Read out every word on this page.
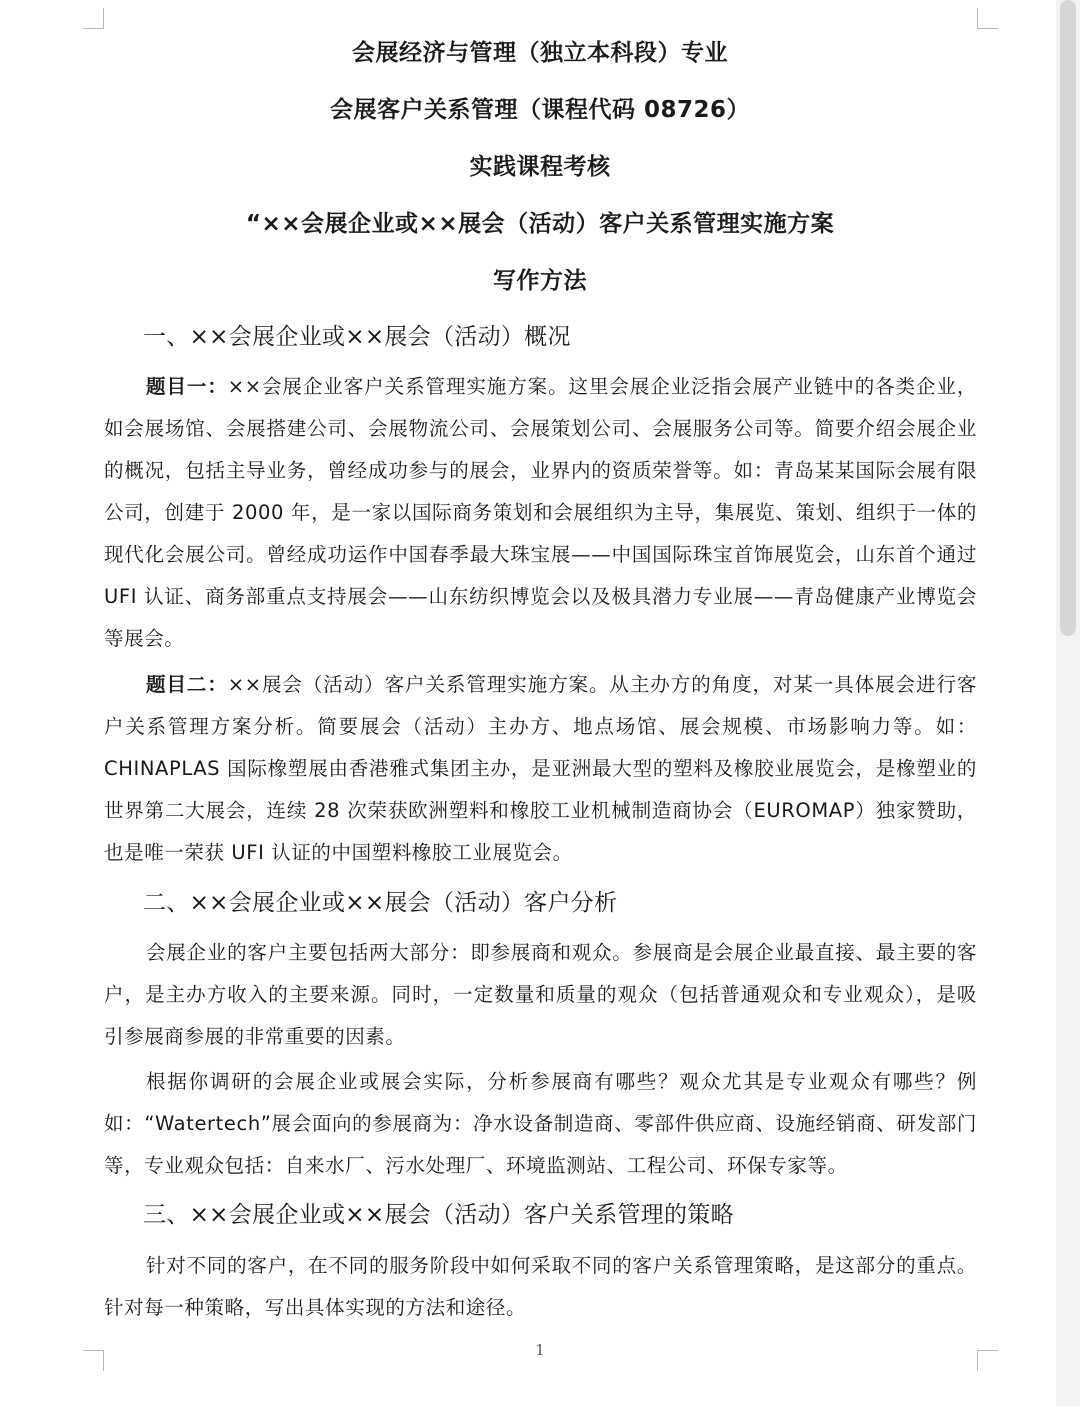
会展经济与管理（独立本科段）专业
会展客户关系管理（课程代码 08726）
实践课程考核
“××会展企业或××展会（活动）客户关系管理实施方案
写作方法
一、××会展企业或××展会（活动）概况
题目一：××会展企业客户关系管理实施方案。这里会展企业泛指会展产业链中的各类企业，如会展场馆、会展搭建公司、会展物流公司、会展策划公司、会展服务公司等。简要介绍会展企业的概况，包括主导业务，曾经成功参与的展会，业界内的资质荣誉等。如：青岛某某国际会展有限公司，创建于 2000 年，是一家以国际商务策划和会展组织为主导，集展览、策划、组织于一体的现代化会展公司。曾经成功运作中国春季最大珠宝展——中国国际珠宝首饰展览会，山东首个通过 UFI 认证、商务部重点支持展会——山东纺织博览会以及极具潜力专业展——青岛健康产业博览会等展会。
题目二：××展会（活动）客户关系管理实施方案。从主办方的角度，对某一具体展会进行客户关系管理方案分析。简要展会（活动）主办方、地点场馆、展会规模、市场影响力等。如：CHINAPLAS 国际橡塑展由香港雅式集团主办，是亚洲最大型的塑料及橡胶业展览会，是橡塑业的世界第二大展会，连续 28 次荣获欧洲塑料和橡胶工业机械制造商协会（EUROMAP）独家赞助，也是唯一荣获 UFI 认证的中国塑料橡胶工业展览会。
二、××会展企业或××展会（活动）客户分析
会展企业的客户主要包括两大部分：即参展商和观众。参展商是会展企业最直接、最主要的客户，是主办方收入的主要来源。同时，一定数量和质量的观众（包括普通观众和专业观众），是吸引参展商参展的非常重要的因素。
根据你调研的会展企业或展会实际，分析参展商有哪些？观众尤其是专业观众有哪些？例如：“Watertech”展会面向的参展商为：净水设备制造商、零部件供应商、设施经销商、研发部门等，专业观众包括：自来水厂、污水处理厂、环境监测站、工程公司、环保专家等。
三、××会展企业或××展会（活动）客户关系管理的策略
针对不同的客户，在不同的服务阶段中如何采取不同的客户关系管理策略，是这部分的重点。针对每一种策略，写出具体实现的方法和途径。
1
